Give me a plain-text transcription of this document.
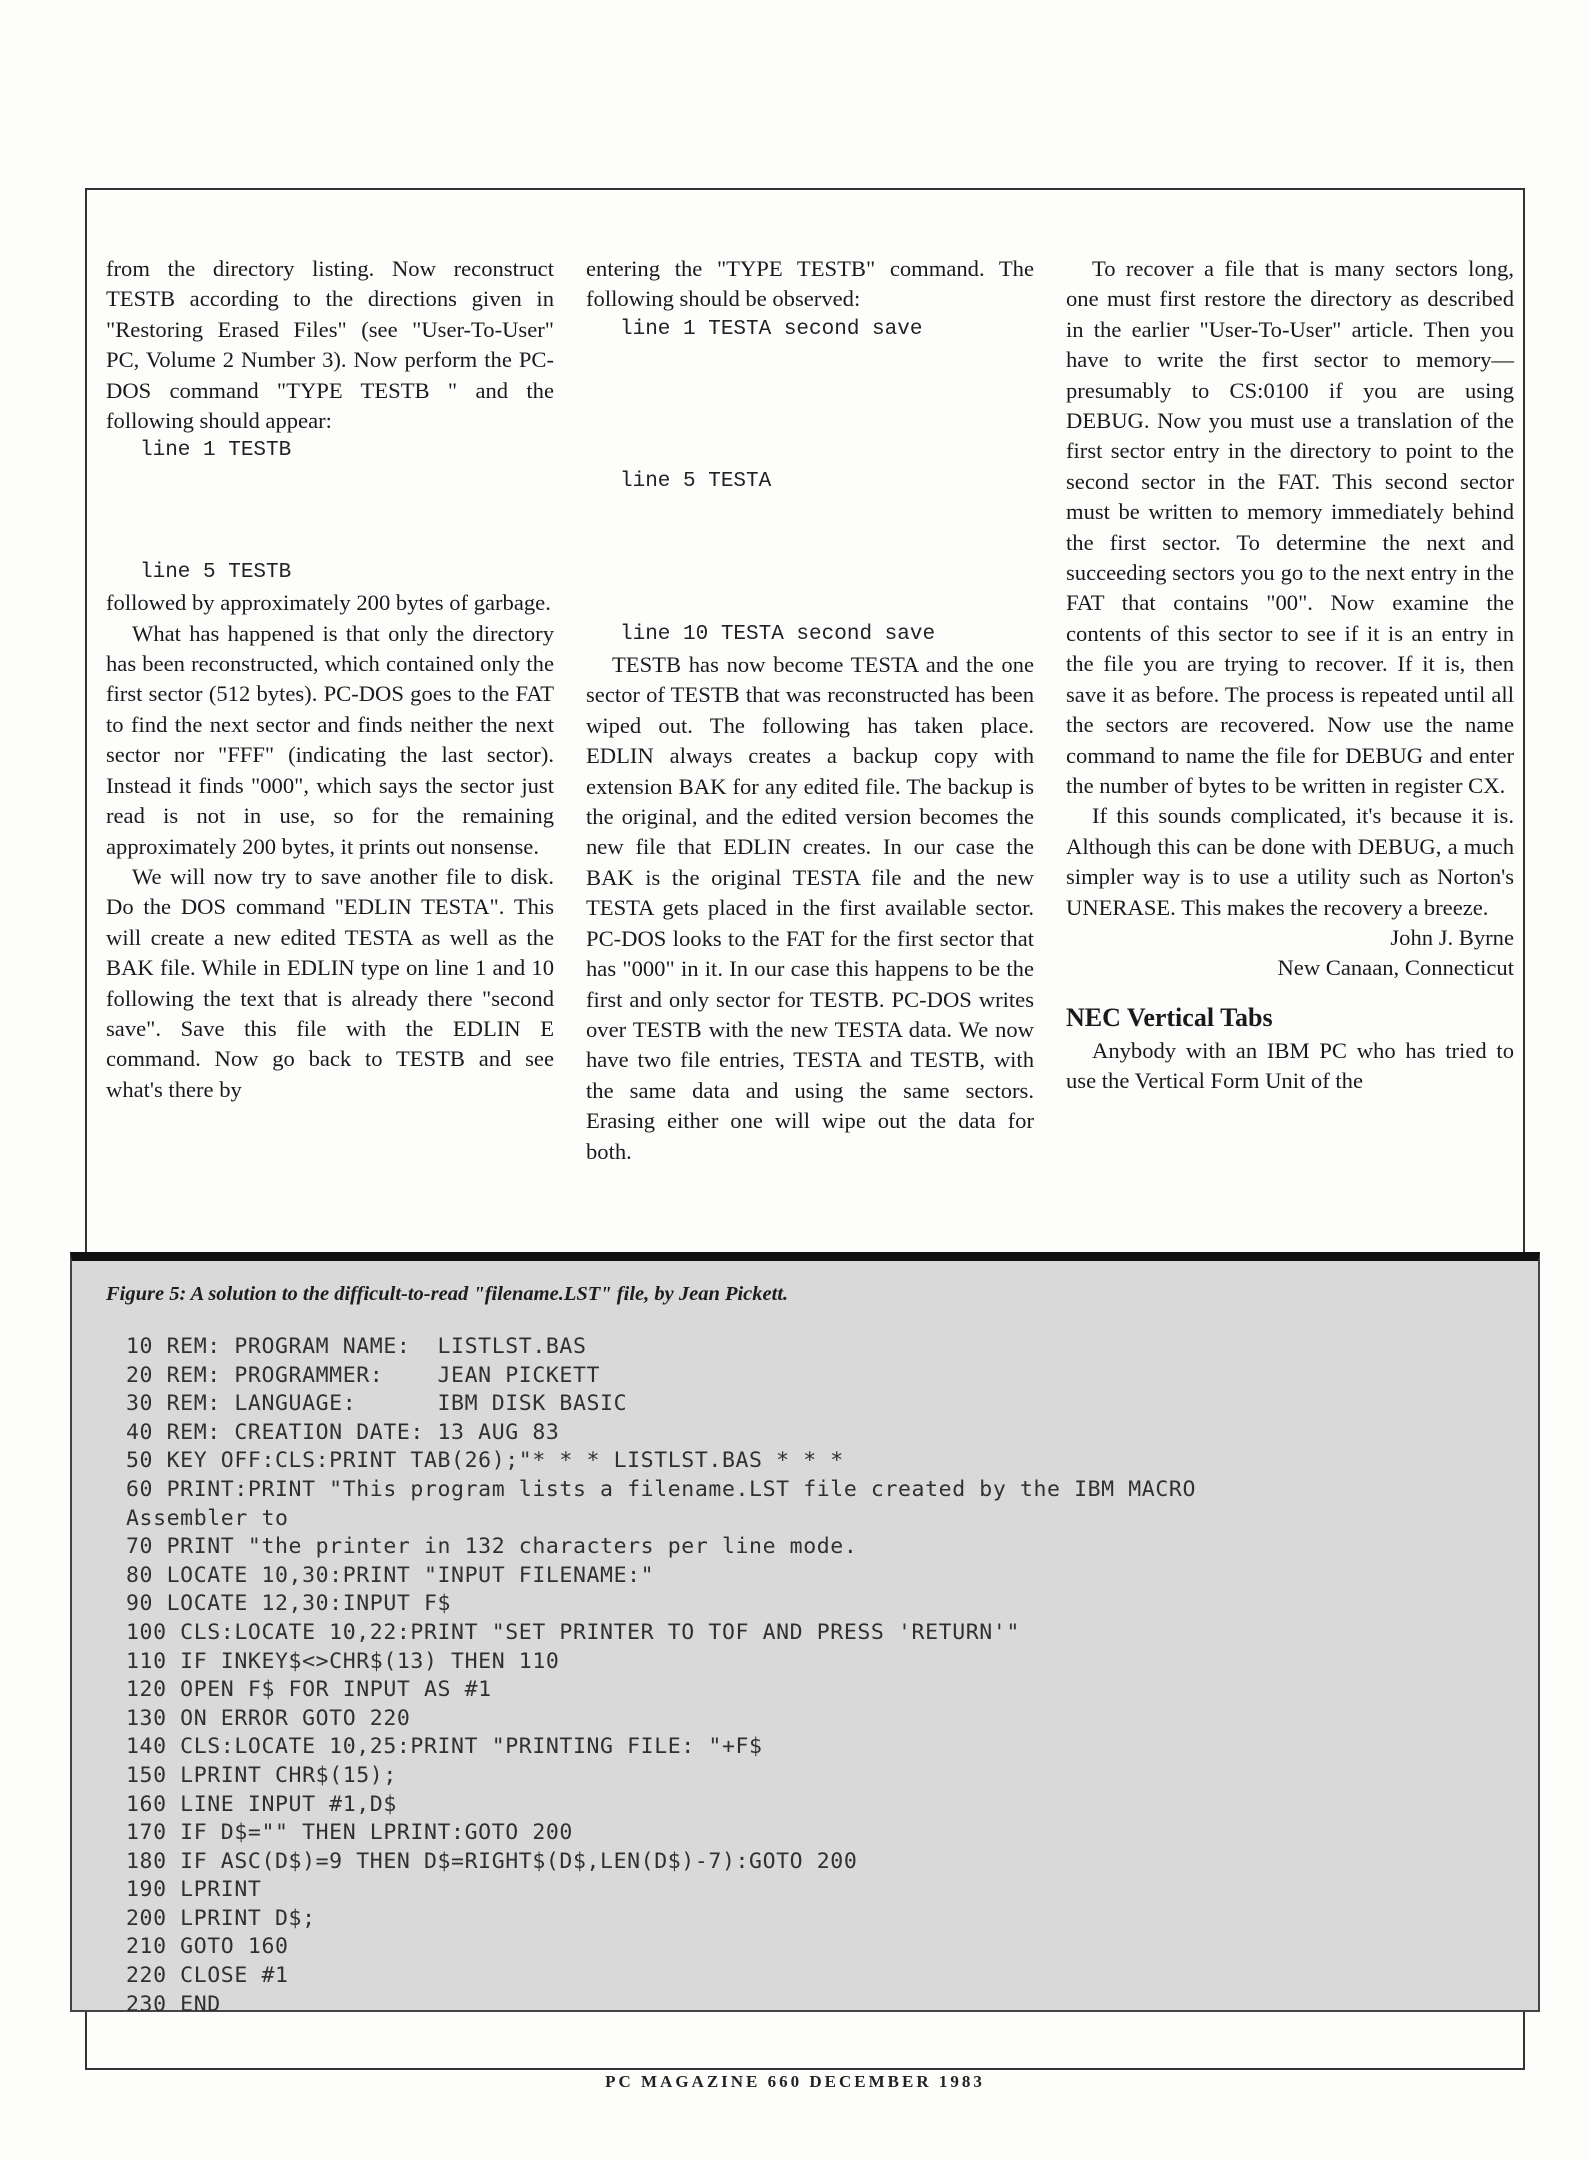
from the directory listing. Now reconstruct TESTB according to the directions given in "Restoring Erased Files" (see "User-To-User" PC, Volume 2 Number 3). Now perform the PC-DOS command "TYPE TESTB " and the following should appear:

line 1 TESTB
line 5 TESTB

followed by approximately 200 bytes of garbage.

What has happened is that only the directory has been reconstructed, which contained only the first sector (512 bytes). PC-DOS goes to the FAT to find the next sector and finds neither the next sector nor "FFF" (indicating the last sector). Instead it finds "000", which says the sector just read is not in use, so for the remaining approximately 200 bytes, it prints out nonsense.

We will now try to save another file to disk. Do the DOS command "EDLIN TESTA". This will create a new edited TESTA as well as the BAK file. While in EDLIN type on line 1 and 10 following the text that is already there "second save". Save this file with the EDLIN E command. Now go back to TESTB and see what's there by

entering the "TYPE TESTB" command. The following should be observed:

line 1 TESTA second save
line 5 TESTA
line 10 TESTA second save

TESTB has now become TESTA and the one sector of TESTB that was reconstructed has been wiped out. The following has taken place. EDLIN always creates a backup copy with extension BAK for any edited file. The backup is the original, and the edited version becomes the new file that EDLIN creates. In our case the BAK is the original TESTA file and the new TESTA gets placed in the first available sector. PC-DOS looks to the FAT for the first sector that has "000" in it. In our case this happens to be the first and only sector for TESTB. PC-DOS writes over TESTB with the new TESTA data. We now have two file entries, TESTA and TESTB, with the same data and using the same sectors. Erasing either one will wipe out the data for both.

To recover a file that is many sectors long, one must first restore the directory as described in the earlier "User-To-User" article. Then you have to write the first sector to memory—presumably to CS:0100 if you are using DEBUG. Now you must use a translation of the first sector entry in the directory to point to the second sector in the FAT. This second sector must be written to memory immediately behind the first sector. To determine the next and succeeding sectors you go to the next entry in the FAT that contains "00". Now examine the contents of this sector to see if it is an entry in the file you are trying to recover. If it is, then save it as before. The process is repeated until all the sectors are recovered. Now use the name command to name the file for DEBUG and enter the number of bytes to be written in register CX.

If this sounds complicated, it's because it is. Although this can be done with DEBUG, a much simpler way is to use a utility such as Norton's UNERASE. This makes the recovery a breeze.

John J. Byrne
New Canaan, Connecticut
NEC Vertical Tabs

Anybody with an IBM PC who has tried to use the Vertical Form Unit of the

Figure 5: A solution to the difficult-to-read "filename.LST" file, by Jean Pickett.
10 REM: PROGRAM NAME:  LISTLST.BAS
20 REM: PROGRAMMER:    JEAN PICKETT
30 REM: LANGUAGE:      IBM DISK BASIC
40 REM: CREATION DATE: 13 AUG 83
50 KEY OFF:CLS:PRINT TAB(26);"* * * LISTLST.BAS * * *
60 PRINT:PRINT "This program lists a filename.LST file created by the IBM MACRO
Assembler to
70 PRINT "the printer in 132 characters per line mode.
80 LOCATE 10,30:PRINT "INPUT FILENAME:"
90 LOCATE 12,30:INPUT F$
100 CLS:LOCATE 10,22:PRINT "SET PRINTER TO TOF AND PRESS 'RETURN'"
110 IF INKEY$<>CHR$(13) THEN 110
120 OPEN F$ FOR INPUT AS #1
130 ON ERROR GOTO 220
140 CLS:LOCATE 10,25:PRINT "PRINTING FILE: "+F$
150 LPRINT CHR$(15);
160 LINE INPUT #1,D$
170 IF D$="" THEN LPRINT:GOTO 200
180 IF ASC(D$)=9 THEN D$=RIGHT$(D$,LEN(D$)-7):GOTO 200
190 LPRINT
200 LPRINT D$;
210 GOTO 160
220 CLOSE #1
230 END
PC MAGAZINE 660 DECEMBER 1983
